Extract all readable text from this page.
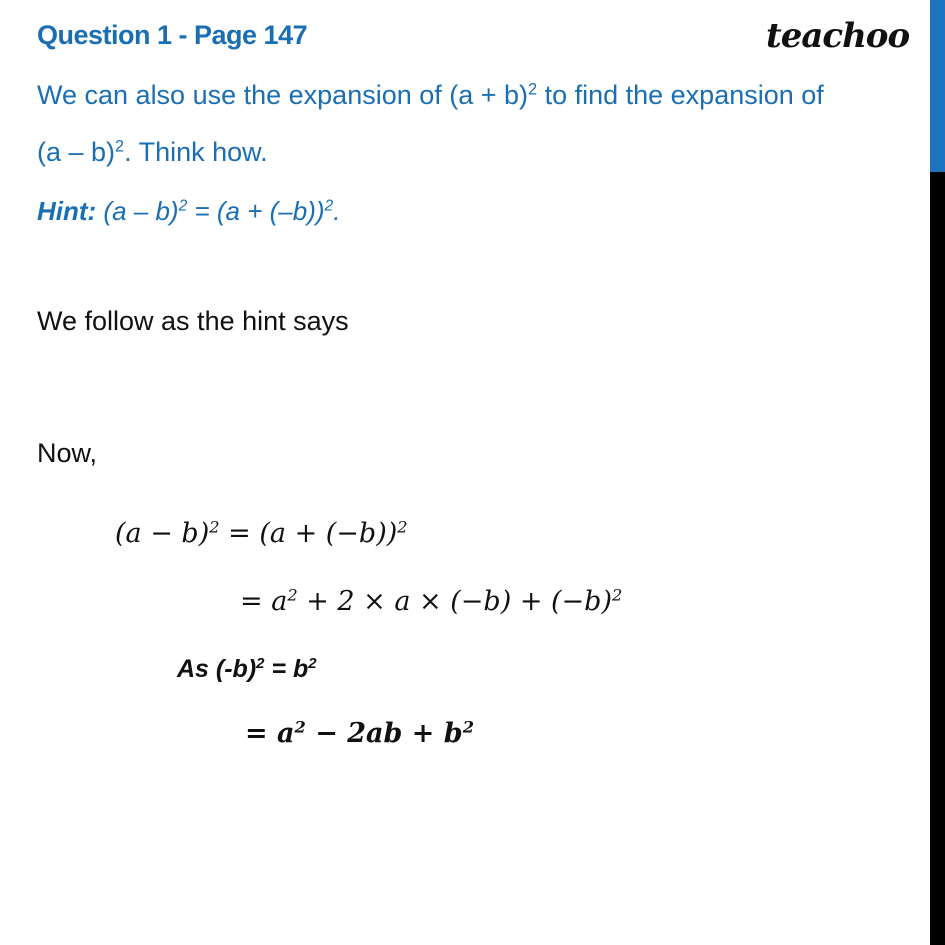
Question 1 - Page 147	teachoo
We can also use the expansion of $(a + b)^2$ to find the expansion of
(a – b)$^2$. Think how.
Hint: $(a - b)^2 = (a + (-b))^2$.
We follow as the hint says
Now,
$(a - b)^2 = (a + (-b))^2$
= $a^2 + 2 \times a \times (-b) + (-b)^2$
As $(-b)^2 = b^2$
= $a^2 - 2ab + b^2$
